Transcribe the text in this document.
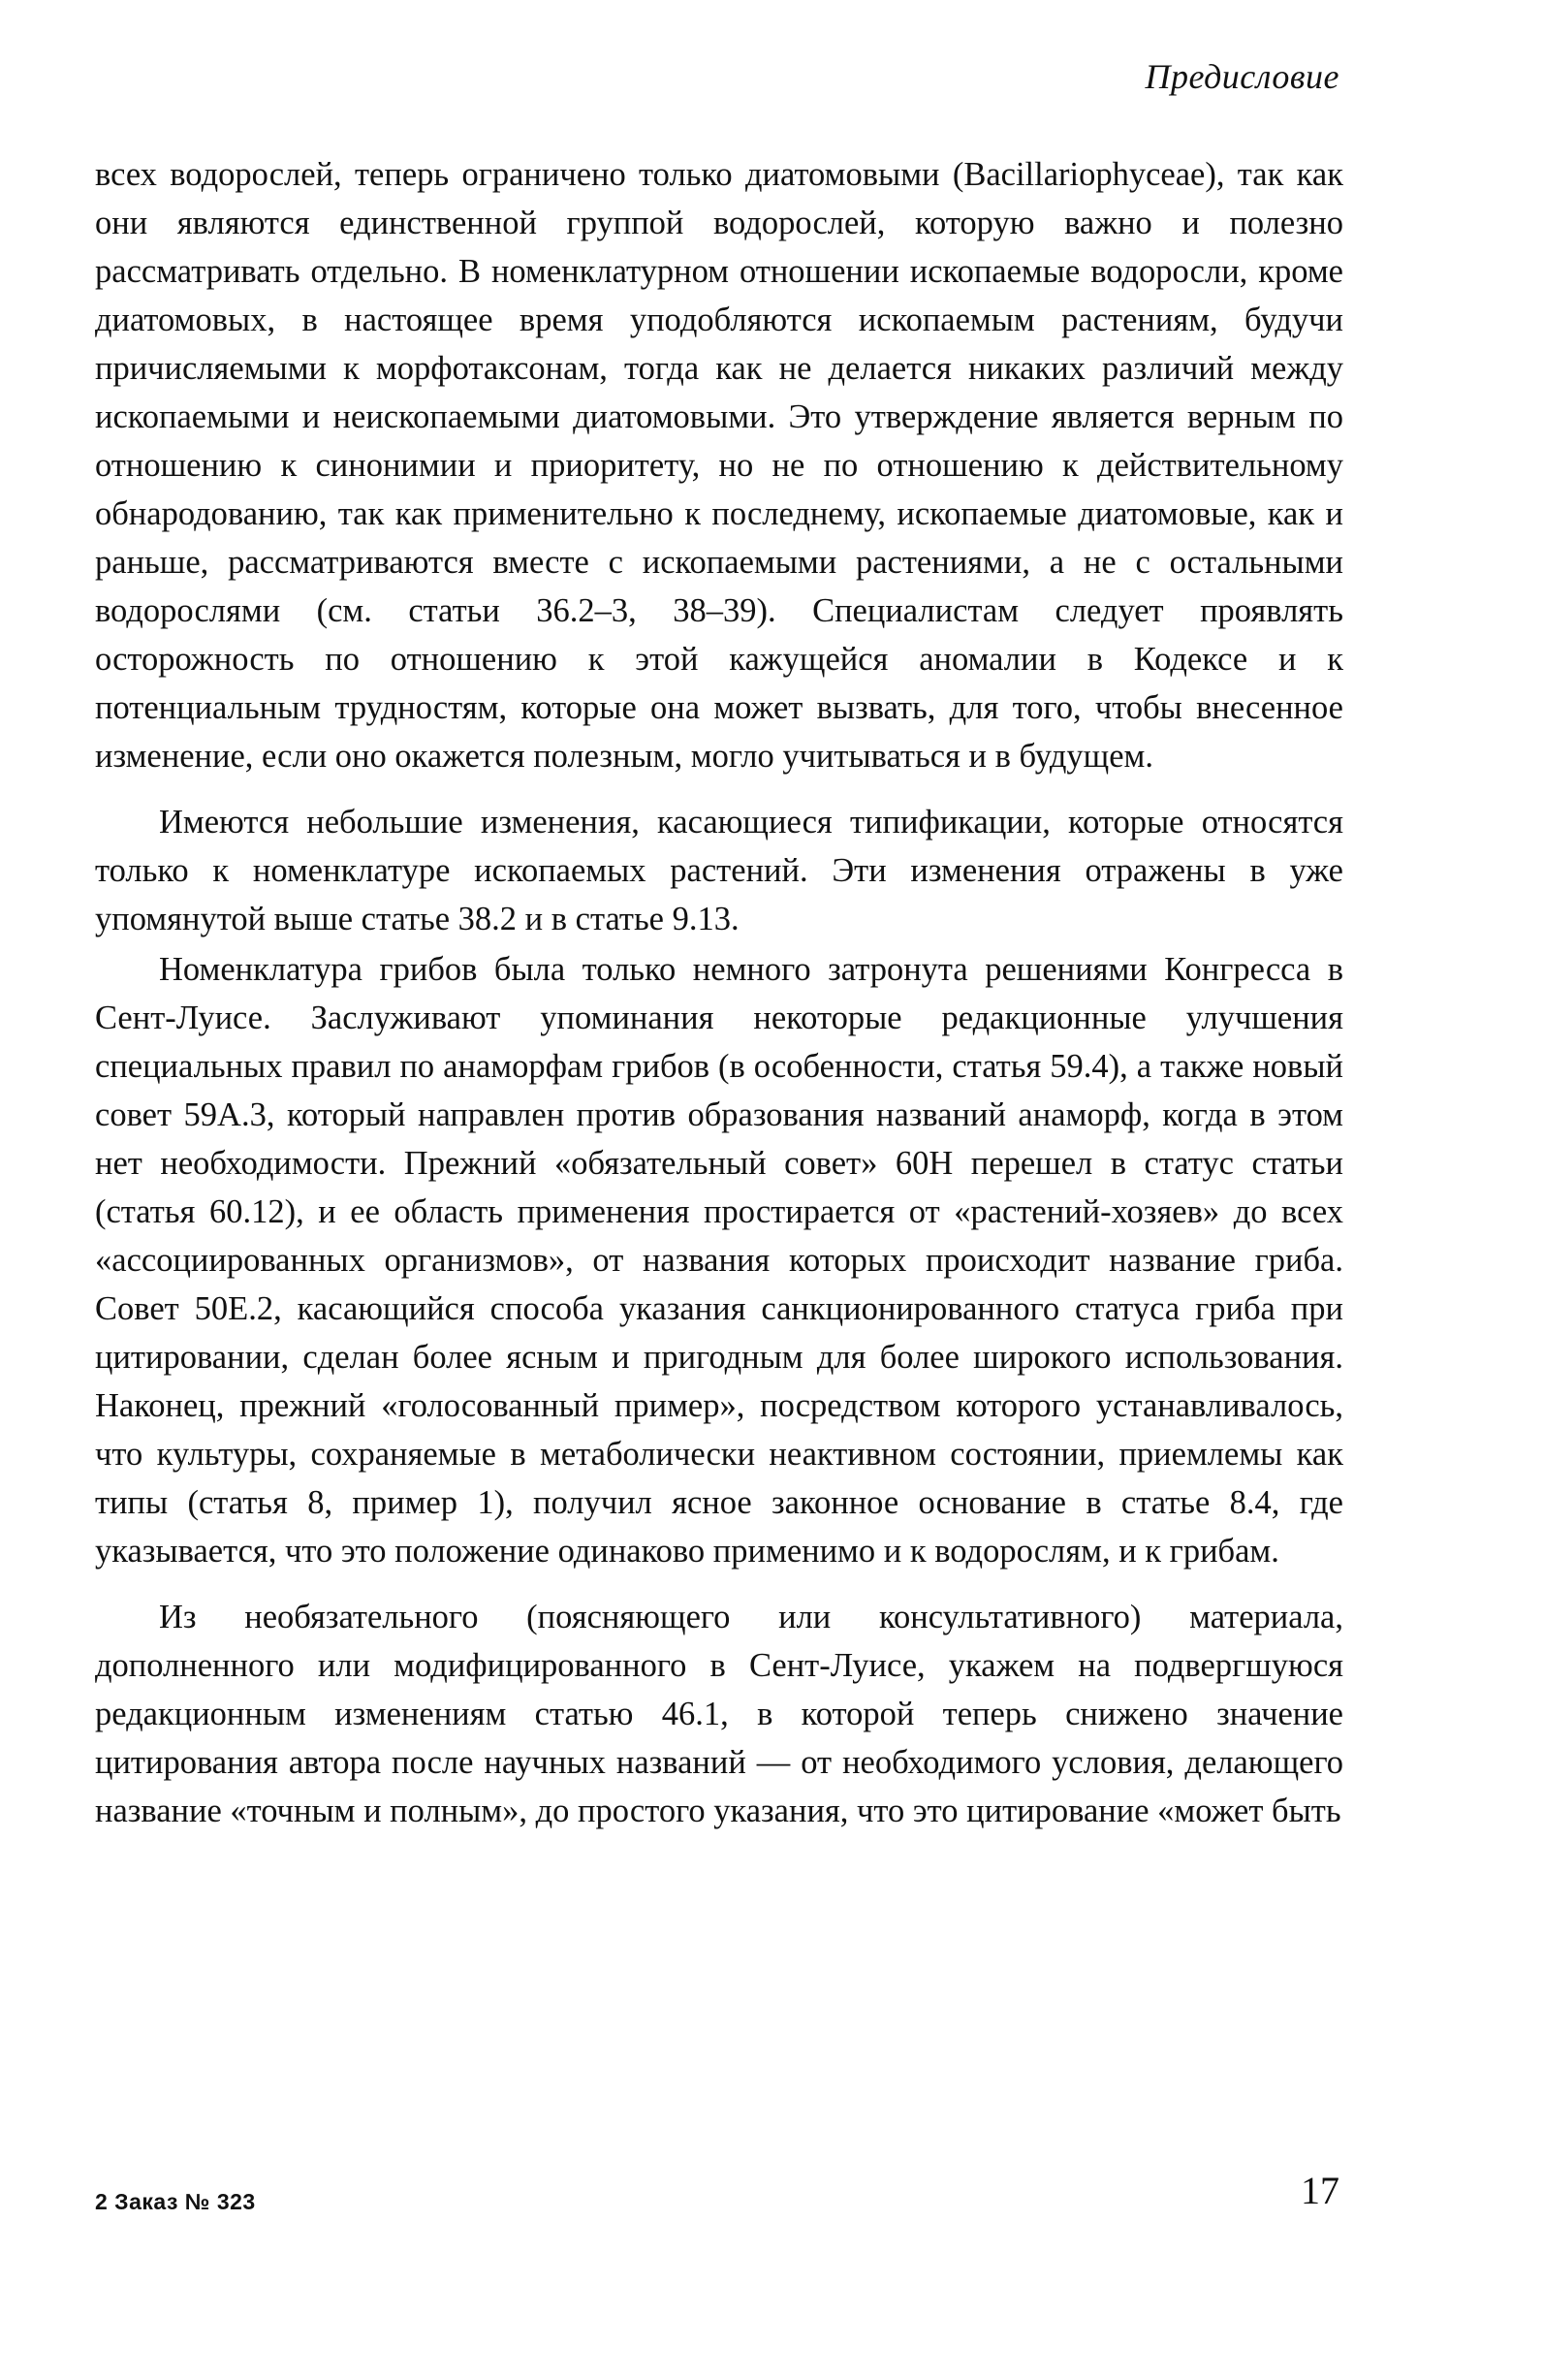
Предисловие

всех водорослей, теперь ограничено только диатомовыми (Bacillariophyceae), так как они являются единственной группой водорослей, которую важно и полезно рассматривать отдельно. В номенклатурном отношении ископаемые водоросли, кроме диатомовых, в настоящее время уподобляются ископаемым растениям, будучи причисляемыми к морфотаксонам, тогда как не делается никаких различий между ископаемыми и неископаемыми диатомовыми. Это утверждение является верным по отношению к синонимии и приоритету, но не по отношению к действительному обнародованию, так как применительно к последнему, ископаемые диатомовые, как и раньше, рассматриваются вместе с ископаемыми растениями, а не с остальными водорослями (см. статьи 36.2–3, 38–39). Специалистам следует проявлять осторожность по отношению к этой кажущейся аномалии в Кодексе и к потенциальным трудностям, которые она может вызвать, для того, чтобы внесенное изменение, если оно окажется полезным, могло учитываться и в будущем.

Имеются небольшие изменения, касающиеся типификации, которые относятся только к номенклатуре ископаемых растений. Эти изменения отражены в уже упомянутой выше статье 38.2 и в статье 9.13.

Номенклатура грибов была только немного затронута решениями Конгресса в Сент-Луисе. Заслуживают упоминания некоторые редакционные улучшения специальных правил по анаморфам грибов (в особенности, статья 59.4), а также новый совет 59А.3, который направлен против образования названий анаморф, когда в этом нет необходимости. Прежний «обязательный совет» 60Н перешел в статус статьи (статья 60.12), и ее область применения простирается от «растений-хозяев» до всех «ассоциированных организмов», от названия которых происходит название гриба. Совет 50Е.2, касающийся способа указания санкционированного статуса гриба при цитировании, сделан более ясным и пригодным для более широкого использования. Наконец, прежний «голосованный пример», посредством которого устанавливалось, что культуры, сохраняемые в метаболически неактивном состоянии, приемлемы как типы (статья 8, пример 1), получил ясное законное основание в статье 8.4, где указывается, что это положение одинаково применимо и к водорослям, и к грибам.

Из необязательного (поясняющего или консультативного) материала, дополненного или модифицированного в Сент-Луисе, укажем на подвергшуюся редакционным изменениям статью 46.1, в которой теперь снижено значение цитирования автора после научных названий — от необходимого условия, делающего название «точным и полным», до простого указания, что это цитирование «может быть

2 Заказ № 323	17
